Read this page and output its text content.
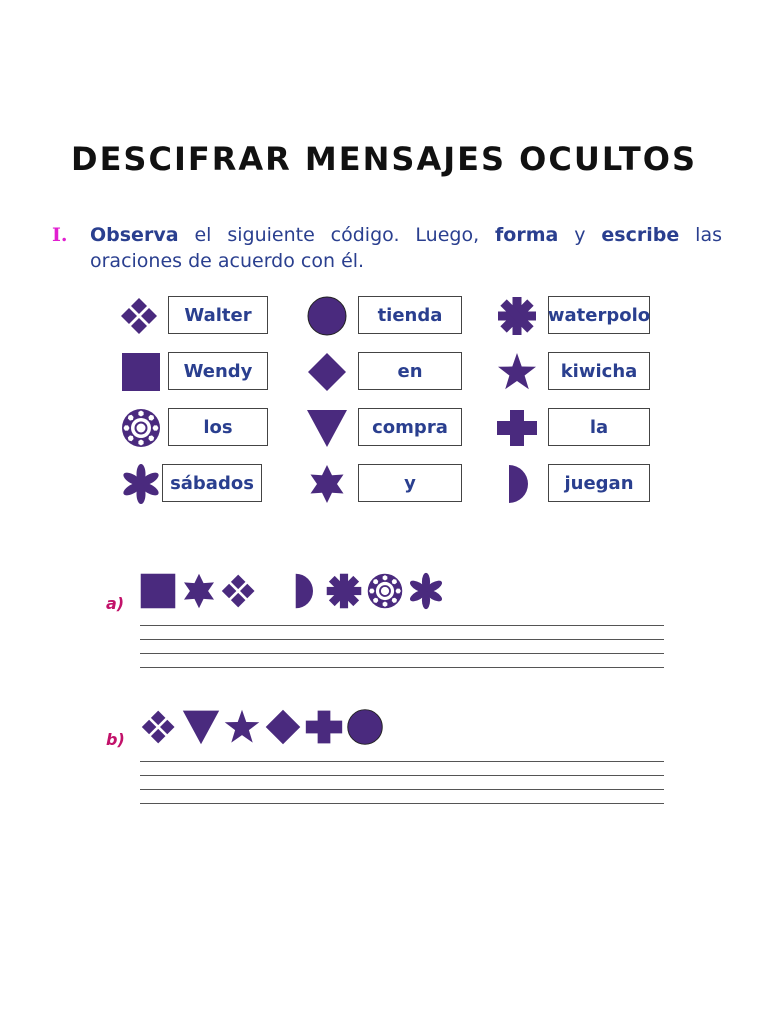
DESCIFRAR MENSAJES OCULTOS
I. Observa el siguiente código. Luego, forma y escribe las oraciones de acuerdo con él.
Walter	tienda	waterpolo
Wendy	en	kiwicha
los	compra	la
sábados	y	juegan
a)
b)
